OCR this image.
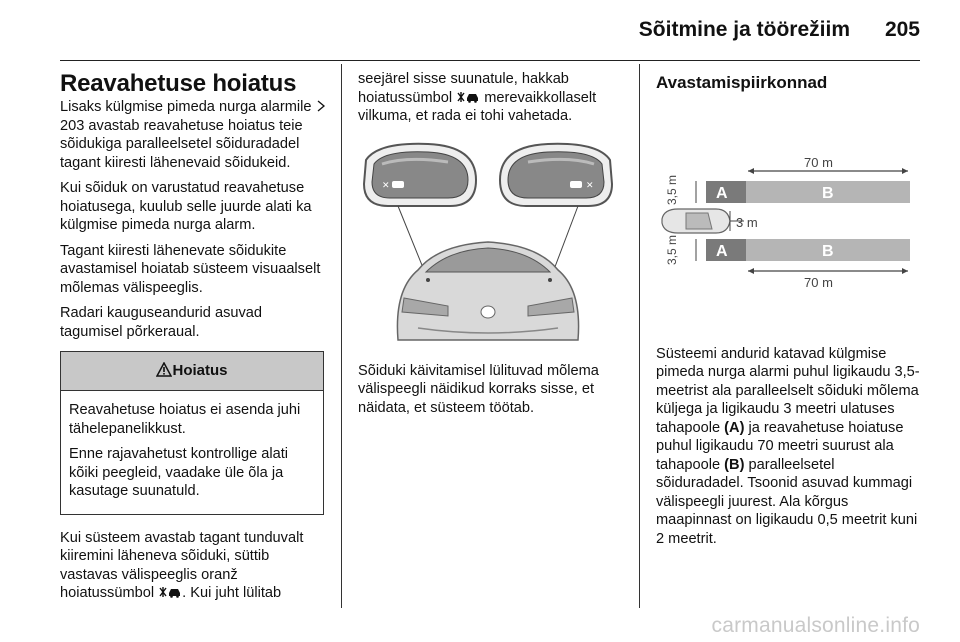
Sõitmine ja töörežiim 205
Reavahetuse hoiatus

Lisaks külgmise pimeda nurga alarmile  203 avastab reavahetuse hoiatus teie sõidukiga paralleelsetel sõiduradadel tagant kiiresti lähenevaid sõidukeid.

Kui sõiduk on varustatud reavahetuse hoiatusega, kuulub selle juurde alati ka külgmise pimeda nurga alarm.

Tagant kiiresti lähenevate sõidukite avastamisel hoiatab süsteem visuaalselt mõlemas välispeeglis.

Radari kauguseandurid asuvad tagumisel põrkeraual.

Hoiatus

Reavahetuse hoiatus ei asenda juhi tähelepanelikkust.

Enne rajavahetust kontrollige alati kõiki peegleid, vaadake üle õla ja kasutage suunatuld.

Kui süsteem avastab tagant tunduvalt kiiremini läheneva sõiduki, süttib vastavas välispeeglis oranž hoiatussümbol . Kui juht lülitab

seejärel sisse suunatule, hakkab hoiatussümbol  merevaikkollaselt vilkuma, et rada ei tohi vahetada.

✕	✕

Sõiduki käivitamisel lülituvad mõlema välispeegli näidikud korraks sisse, et näidata, et süsteem töötab.

Avastamispiirkonnad
70 m
A	B
3,5 m
3 m
A	B
3,5 m
70 m

Süsteemi andurid katavad külgmise pimeda nurga alarmi puhul ligikaudu 3,5-meetrist ala paralleelselt sõiduki mõlema küljega ja ligikaudu 3 meetri ulatuses tahapoole (A) ja reavahetuse hoiatuse puhul ligikaudu 70 meetri suurust ala tahapoole (B) paralleelsetel sõiduradadel. Tsoonid asuvad kummagi välispeegli juurest. Ala kõrgus maapinnast on ligikaudu 0,5 meetrit kuni 2 meetrit.

carmanualsonline.info
